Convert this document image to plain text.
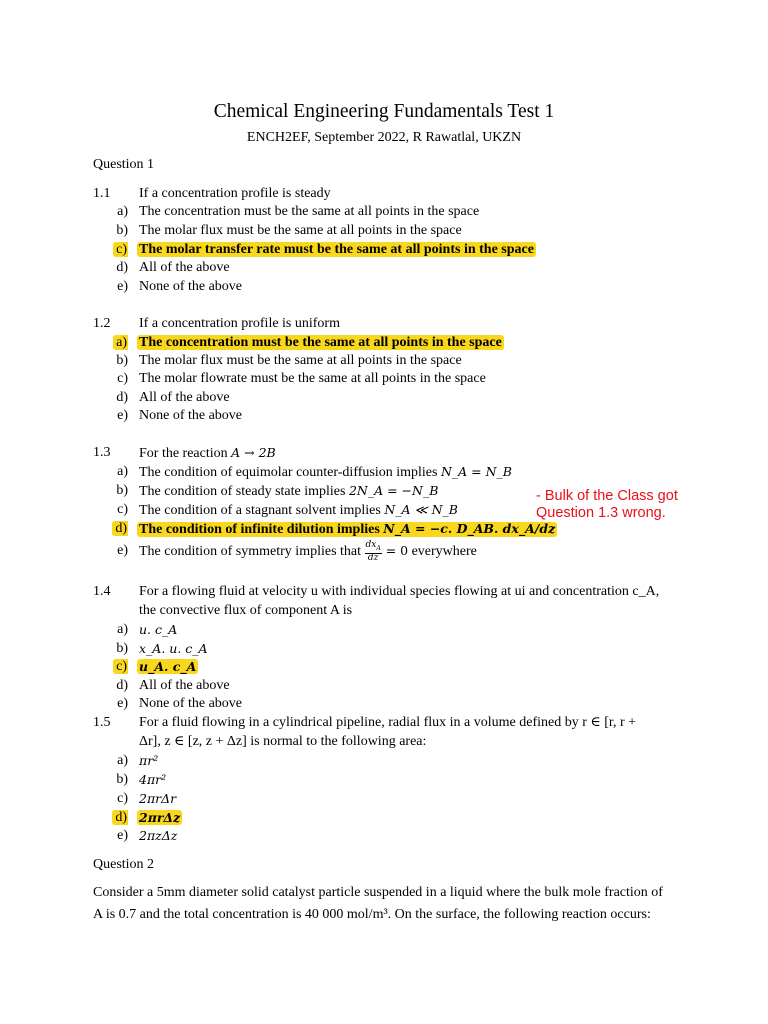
Chemical Engineering Fundamentals Test 1
ENCH2EF, September 2022, R Rawatlal, UKZN
Question 1
1.1 If a concentration profile is steady
a) The concentration must be the same at all points in the space
b) The molar flux must be the same at all points in the space
c) The molar transfer rate must be the same at all points in the space
d) All of the above
e) None of the above
1.2 If a concentration profile is uniform
a) The concentration must be the same at all points in the space
b) The molar flux must be the same at all points in the space
c) The molar flowrate must be the same at all points in the space
d) All of the above
e) None of the above
1.3 For the reaction A → 2B
a) The condition of equimolar counter-diffusion implies N_A = N_B
b) The condition of steady state implies 2N_A = −N_B
c) The condition of a stagnant solvent implies N_A ≪ N_B
d) The condition of infinite dilution implies N_A = −c. D_AB. dx_A/dz
e) The condition of symmetry implies that $\frac{dx_A}{dz} = 0$ everywhere
- Bulk of the Class got
Question 1.3 wrong.
1.4 For a flowing fluid at velocity u with individual species flowing at ui and concentration c_A,
the convective flux of component A is
a) u. c_A
b) x_A. u. c_A
c) u_A. c_A
d) All of the above
e) None of the above
1.5 For a fluid flowing in a cylindrical pipeline, radial flux in a volume defined by r ∈ [r, r +
Δr], z ∈ [z, z + Δz] is normal to the following area:
a) πr²
b) 4πr²
c) 2πrΔr
d) 2πrΔz
e) 2πzΔz
Question 2
Consider a 5mm diameter solid catalyst particle suspended in a liquid where the bulk mole fraction of
A is 0.7 and the total concentration is 40 000 mol/m³. On the surface, the following reaction occurs:
